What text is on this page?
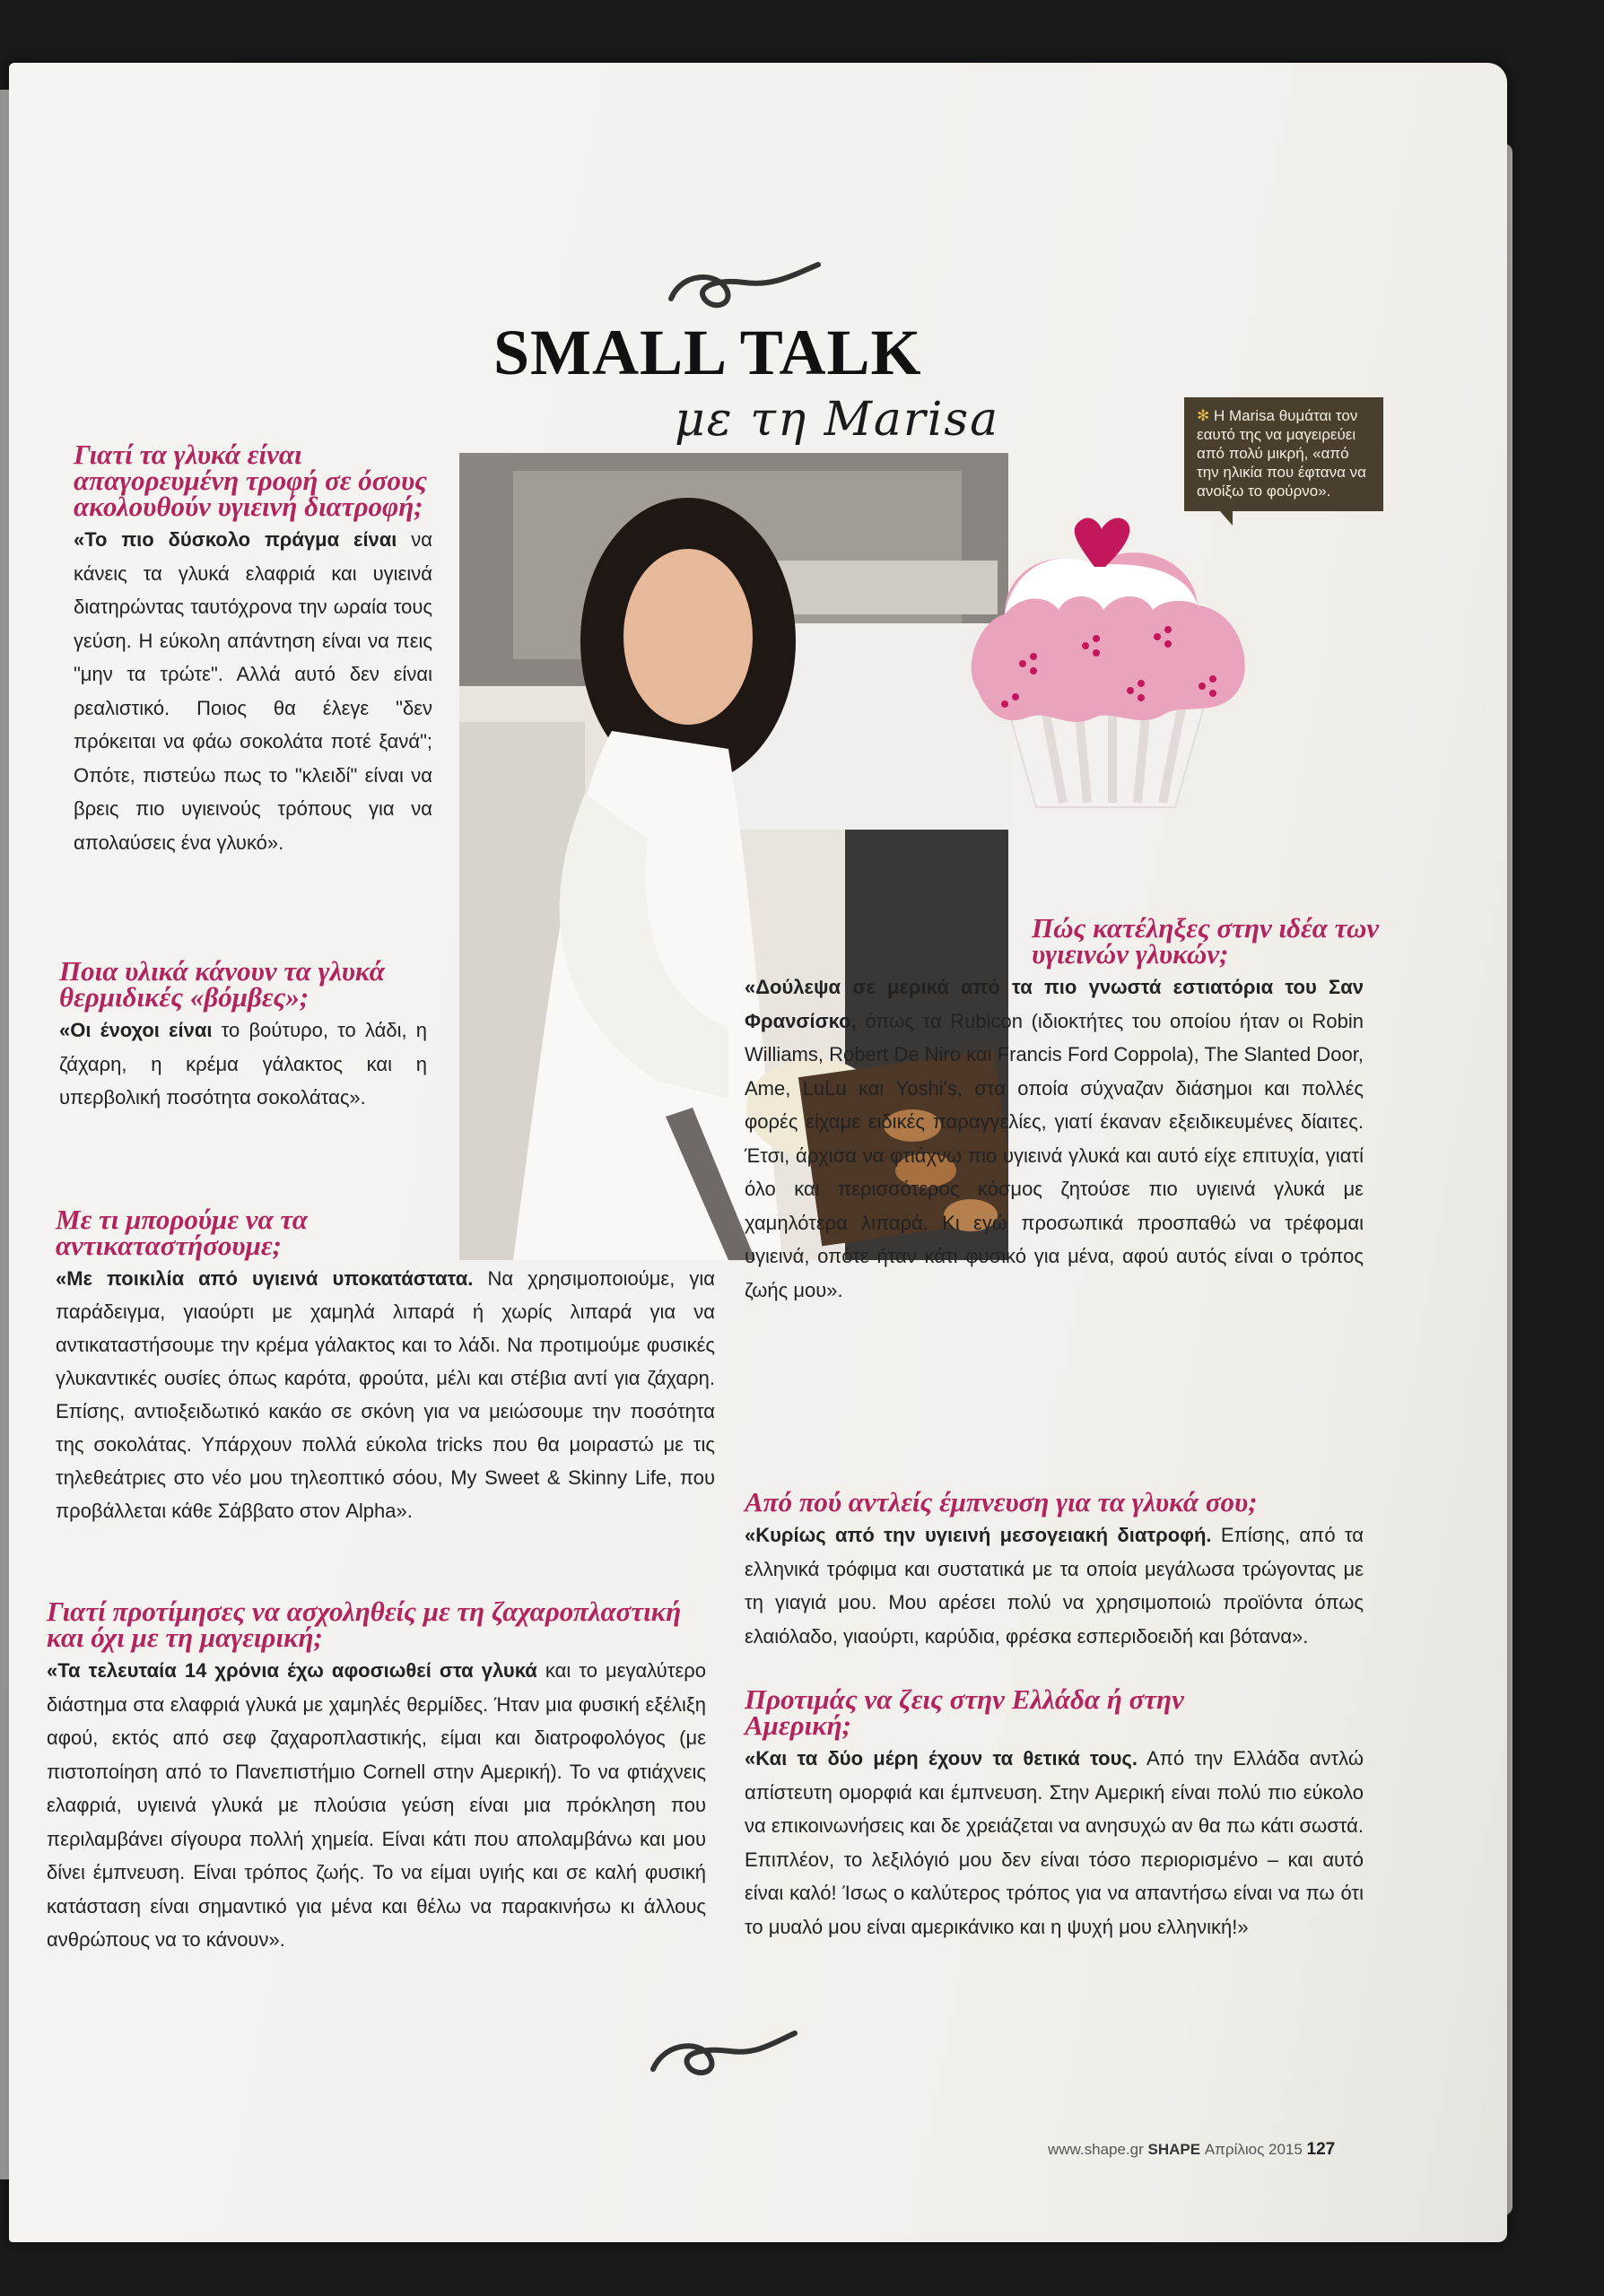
SMALL TALK
με τη Marisa	✻ Η Marisa θυμάται τον εαυτό της να μαγειρεύει από πολύ μικρή, «από την ηλικία που έφτανα να ανοίξω το φούρνο».
Γιατί τα γλυκά είναι απαγορευμένη τροφή σε όσους ακολουθούν υγιεινή διατροφή;

«Το πιο δύσκολο πράγμα είναι να κάνεις τα γλυκά ελαφριά και υγιεινά διατηρώντας ταυτόχρονα την ωραία τους γεύση. Η εύκολη απάντηση είναι να πεις "μην τα τρώτε". Αλλά αυτό δεν είναι ρεαλιστικό. Ποιος θα έλεγε "δεν πρόκειται να φάω σοκολάτα ποτέ ξανά"; Οπότε, πιστεύω πως το "κλειδί" είναι να βρεις πιο υγιεινούς τρόπους για να απολαύσεις ένα γλυκό».

Ποια υλικά κάνουν τα γλυκά θερμιδικές «βόμβες»;

«Οι ένοχοι είναι το βούτυρο, το λάδι, η ζάχαρη, η κρέμα γάλακτος και η υπερβολική ποσότητα σοκολάτας».

Με τι μπορούμε να τα αντικαταστήσουμε;

«Με ποικιλία από υγιεινά υποκατάστατα. Να χρησιμοποιούμε, για παράδειγμα, γιαούρτι με χαμηλά λιπαρά ή χωρίς λιπαρά για να αντικαταστήσουμε την κρέμα γάλακτος και το λάδι. Να προτιμούμε φυσικές γλυκαντικές ουσίες όπως καρότα, φρούτα, μέλι και στέβια αντί για ζάχαρη. Επίσης, αντιοξειδωτικό κακάο σε σκόνη για να μειώσουμε την ποσότητα της σοκολάτας. Υπάρχουν πολλά εύκολα tricks που θα μοιραστώ με τις τηλεθεάτριες στο νέο μου τηλεοπτικό σόου, My Sweet & Skinny Life, που προβάλλεται κάθε Σάββατο στον Alpha».

Γιατί προτίμησες να ασχοληθείς με τη ζαχαροπλαστική και όχι με τη μαγειρική;

«Τα τελευταία 14 χρόνια έχω αφοσιωθεί στα γλυκά και το μεγαλύτερο διάστημα στα ελαφριά γλυκά με χαμηλές θερμίδες. Ήταν μια φυσική εξέλιξη αφού, εκτός από σεφ ζαχαροπλαστικής, είμαι και διατροφολόγος (με πιστοποίηση από το Πανεπιστήμιο Cornell στην Αμερική). Το να φτιάχνεις ελαφριά, υγιεινά γλυκά με πλούσια γεύση είναι μια πρόκληση που περιλαμβάνει σίγουρα πολλή χημεία. Είναι κάτι που απολαμβάνω και μου δίνει έμπνευση. Είναι τρόπος ζωής. Το να είμαι υγιής και σε καλή φυσική κατάσταση είναι σημαντικό για μένα και θέλω να παρακινήσω κι άλλους ανθρώπους να το κάνουν».

Πώς κατέληξες στην ιδέα των υγιεινών γλυκών;

«Δούλεψα σε μερικά από τα πιο γνωστά εστιατόρια του Σαν Φρανσίσκο, όπως τα Rubicon (ιδιοκτήτες του οποίου ήταν οι Robin Williams, Robert De Niro και Francis Ford Coppola), The Slanted Door, Ame, LuLu και Yoshi's, στα οποία σύχναζαν διάσημοι και πολλές φορές είχαμε ειδικές παραγγελίες, γιατί έκαναν εξειδικευμένες δίαιτες. Έτσι, άρχισα να φτιάχνω πιο υγιεινά γλυκά και αυτό είχε επιτυχία, γιατί όλο και περισσότερος κόσμος ζητούσε πιο υγιεινά γλυκά με χαμηλότερα λιπαρά. Κι εγώ προσωπικά προσπαθώ να τρέφομαι υγιεινά, οπότε ήταν κάτι φυσικό για μένα, αφού αυτός είναι ο τρόπος ζωής μου».

Από πού αντλείς έμπνευση για τα γλυκά σου;

«Κυρίως από την υγιεινή μεσογειακή διατροφή. Επίσης, από τα ελληνικά τρόφιμα και συστατικά με τα οποία μεγάλωσα τρώγοντας με τη γιαγιά μου. Μου αρέσει πολύ να χρησιμοποιώ προϊόντα όπως ελαιόλαδο, γιαούρτι, καρύδια, φρέσκα εσπεριδοειδή και βότανα».

Προτιμάς να ζεις στην Ελλάδα ή στην Αμερική;

«Και τα δύο μέρη έχουν τα θετικά τους. Από την Ελλάδα αντλώ απίστευτη ομορφιά και έμπνευση. Στην Αμερική είναι πολύ πιο εύκολο να επικοινωνήσεις και δε χρειάζεται να ανησυχώ αν θα πω κάτι σωστά. Επιπλέον, το λεξιλόγιό μου δεν είναι τόσο περιορισμένο – και αυτό είναι καλό! Ίσως ο καλύτερος τρόπος για να απαντήσω είναι να πω ότι το μυαλό μου είναι αμερικάνικο και η ψυχή μου ελληνική!»

www.shape.gr SHAPE Απρίλιος 2015 127
